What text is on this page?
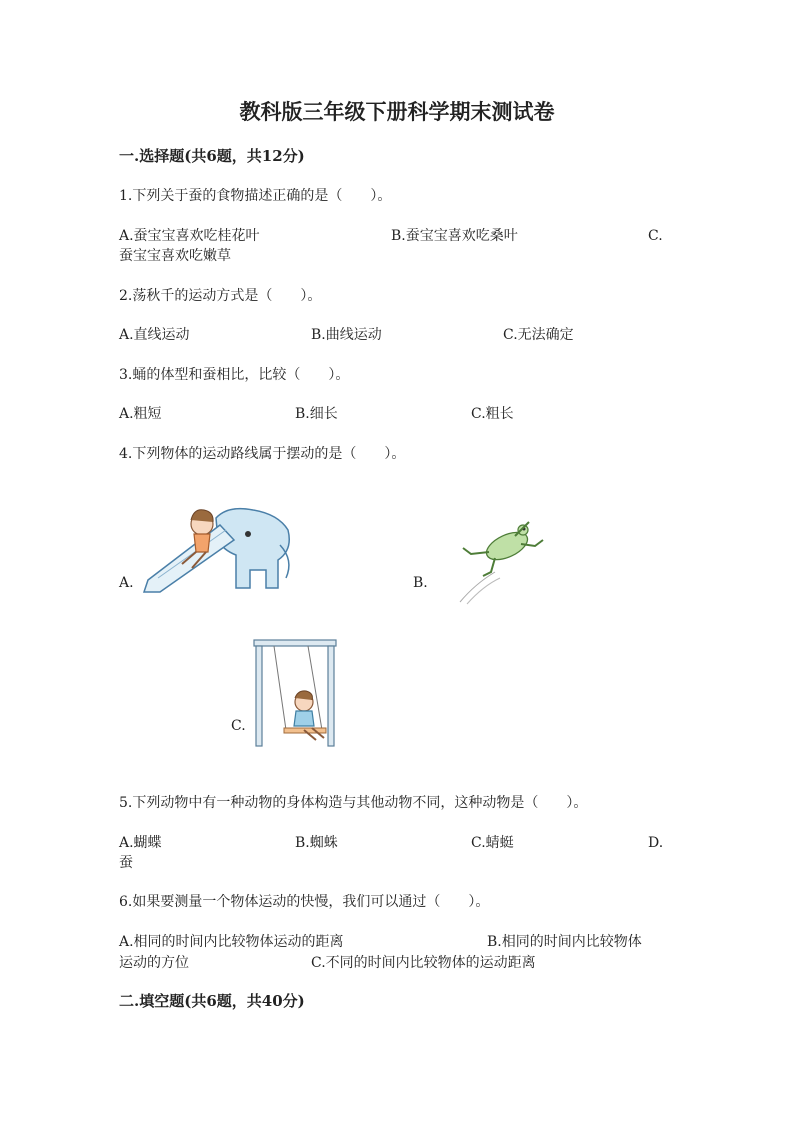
教科版三年级下册科学期末测试卷
一.选择题(共6题，共12分)
1.下列关于蚕的食物描述正确的是（　　）。
A.蚕宝宝喜欢吃桂花叶	B.蚕宝宝喜欢吃桑叶	C.
蚕宝宝喜欢吃嫩草
2.荡秋千的运动方式是（　　）。
A.直线运动	B.曲线运动	C.无法确定
3.蛹的体型和蚕相比，比较（　　）。
A.粗短	B.细长	C.粗长
4.下列物体的运动路线属于摆动的是（　　）。
A.	B.
C.
5.下列动物中有一种动物的身体构造与其他动物不同，这种动物是（　　）。
A.蝴蝶	B.蜘蛛	C.蜻蜓	D.
蚕
6.如果要测量一个物体运动的快慢，我们可以通过（　　）。
A.相同的时间内比较物体运动的距离	B.相同的时间内比较物体
运动的方位	C.不同的时间内比较物体的运动距离
二.填空题(共6题，共40分)
